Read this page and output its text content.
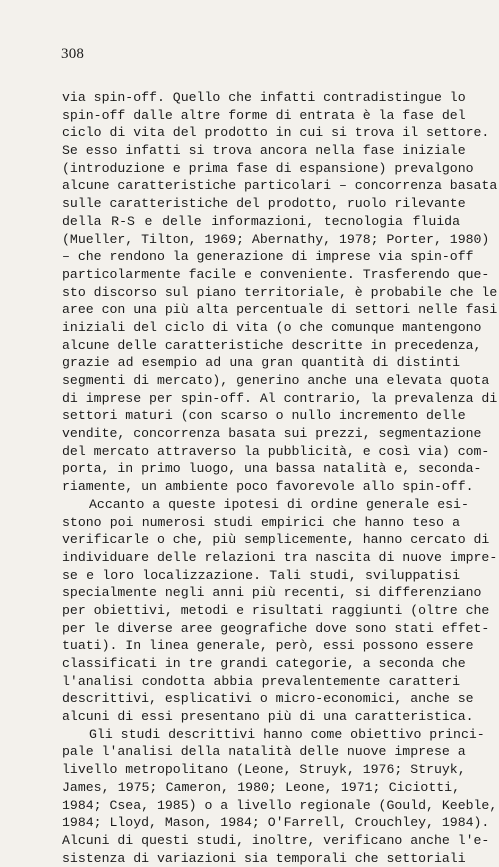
308
via spin-off. Quello che infatti contradistingue lo
spin-off dalle altre forme di entrata è la fase del
ciclo di vita del prodotto in cui si trova il settore.
Se esso infatti si trova ancora nella fase iniziale
(introduzione e prima fase di espansione) prevalgono
alcune caratteristiche particolari – concorrenza basata
sulle caratteristiche del prodotto, ruolo rilevante
della R-S e delle informazioni, tecnologia fluida
(Mueller, Tilton, 1969; Abernathy, 1978; Porter, 1980)
– che rendono la generazione di imprese via spin-off
particolarmente facile e conveniente. Trasferendo que-
sto discorso sul piano territoriale, è probabile che le
aree con una più alta percentuale di settori nelle fasi
iniziali del ciclo di vita (o che comunque mantengono
alcune delle caratteristiche descritte in precedenza,
grazie ad esempio ad una gran quantità di distinti
segmenti di mercato), generino anche una elevata quota
di imprese per spin-off. Al contrario, la prevalenza di
settori maturi (con scarso o nullo incremento delle
vendite, concorrenza basata sui prezzi, segmentazione
del mercato attraverso la pubblicità, e così via) com-
porta, in primo luogo, una bassa natalità e, seconda-
riamente, un ambiente poco favorevole allo spin-off.
Accanto a queste ipotesi di ordine generale esi-
stono poi numerosi studi empirici che hanno teso a
verificarle o che, più semplicemente, hanno cercato di
individuare delle relazioni tra nascita di nuove impre-
se e loro localizzazione. Tali studi, sviluppatisi
specialmente negli anni più recenti, si differenziano
per obiettivi, metodi e risultati raggiunti (oltre che
per le diverse aree geografiche dove sono stati effet-
tuati). In linea generale, però, essi possono essere
classificati in tre grandi categorie, a seconda che
l'analisi condotta abbia prevalentemente caratteri
descrittivi, esplicativi o micro-economici, anche se
alcuni di essi presentano più di una caratteristica.
Gli studi descrittivi hanno come obiettivo princi-
pale l'analisi della natalità delle nuove imprese a
livello metropolitano (Leone, Struyk, 1976; Struyk,
James, 1975; Cameron, 1980; Leone, 1971; Ciciotti,
1984; Csea, 1985) o a livello regionale (Gould, Keeble,
1984; Lloyd, Mason, 1984; O'Farrell, Crouchley, 1984).
Alcuni di questi studi, inoltre, verificano anche l'e-
sistenza di variazioni sia temporali che settoriali
